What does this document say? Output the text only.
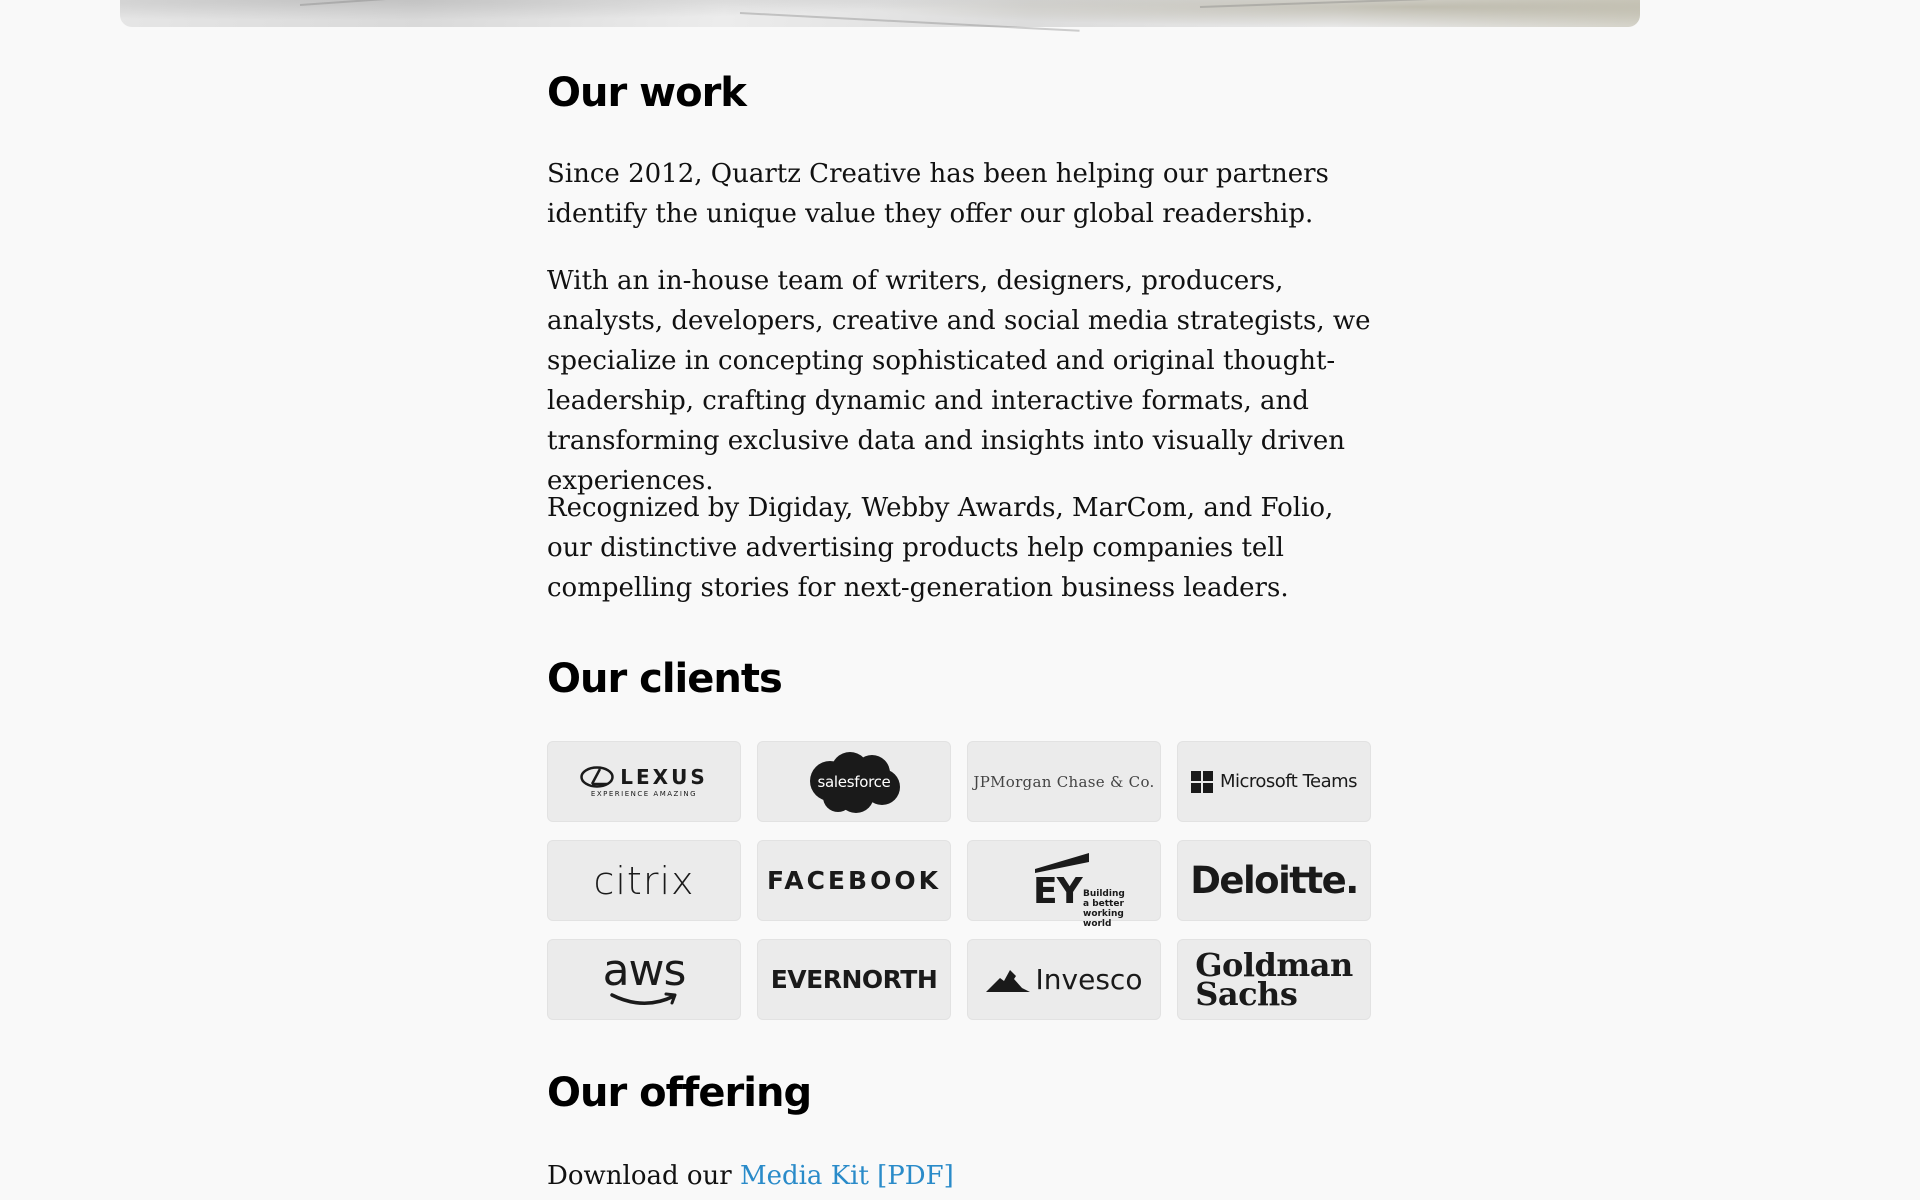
Our work

Since 2012, Quartz Creative has been helping our partners identify the unique value they offer our global readership.

With an in-house team of writers, designers, producers, analysts, developers, creative and social media strategists, we specialize in concepting sophisticated and original thought-leadership, crafting dynamic and interactive formats, and transforming exclusive data and insights into visually driven experiences.

Recognized by Digiday, Webby Awards, MarCom, and Folio, our distinctive advertising products help companies tell compelling stories for next-generation business leaders.

Our clients
LEXUS
EXPERIENCE AMAZING
salesforce	JPMorgan Chase & Co.	Microsoft Teams
citrix	FACEBOOK	EY Building a better
working world
Deloitte.
aws	EVERNORTH	Invesco Goldman
Sachs
Our offering

Download our Media Kit [PDF]
